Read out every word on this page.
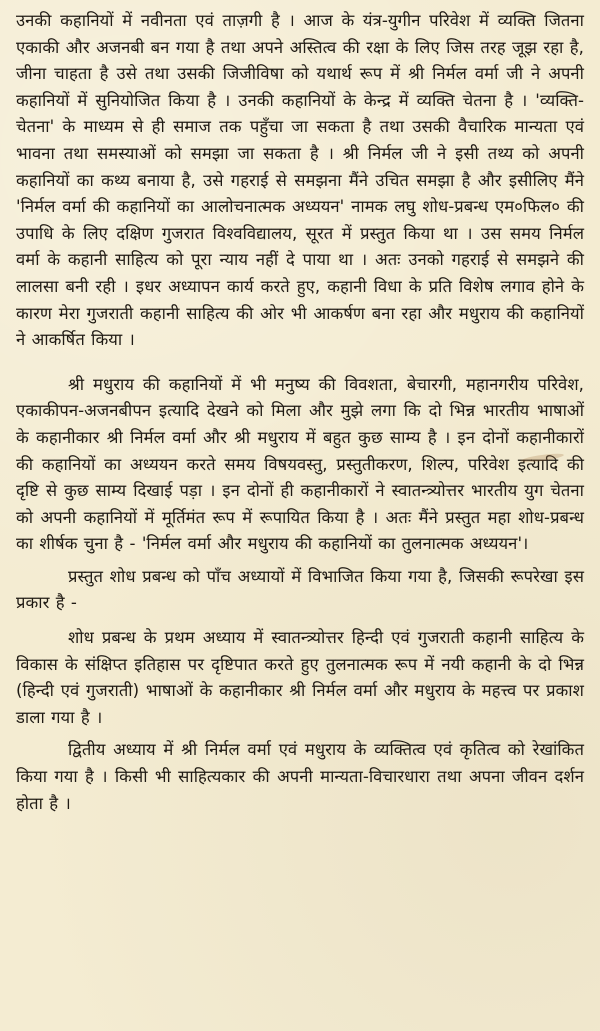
उनकी कहानियों में नवीनता एवं ताज़गी है । आज के यंत्र-युगीन परिवेश में व्यक्ति जितना एकाकी और अजनबी बन गया है तथा अपने अस्तित्व की रक्षा के लिए जिस तरह जूझ रहा है, जीना चाहता है उसे तथा उसकी जिजीविषा को यथार्थ रूप में श्री निर्मल वर्मा जी ने अपनी कहानियों में सुनियोजित किया है । उनकी कहानियों के केन्द्र में व्यक्ति चेतना है । 'व्यक्ति-चेतना' के माध्यम से ही समाज तक पहुँचा जा सकता है तथा उसकी वैचारिक मान्यता एवं भावना तथा समस्याओं को समझा जा सकता है । श्री निर्मल जी ने इसी तथ्य को अपनी कहानियों का कथ्य बनाया है, उसे गहराई से समझना मैंने उचित समझा है और इसीलिए मैंने 'निर्मल वर्मा की कहानियों का आलोचनात्मक अध्ययन' नामक लघु शोध-प्रबन्ध एम०फिल० की उपाधि के लिए दक्षिण गुजरात विश्वविद्यालय, सूरत में प्रस्तुत किया था । उस समय निर्मल वर्मा के कहानी साहित्य को पूरा न्याय नहीं दे पाया था । अतः उनको गहराई से समझने की लालसा बनी रही । इधर अध्यापन कार्य करते हुए, कहानी विधा के प्रति विशेष लगाव होने के कारण मेरा गुजराती कहानी साहित्य की ओर भी आकर्षण बना रहा और मधुराय की कहानियों ने आकर्षित किया ।

श्री मधुराय की कहानियों में भी मनुष्य की विवशता, बेचारगी, महानगरीय परिवेश, एकाकीपन-अजनबीपन इत्यादि देखने को मिला और मुझे लगा कि दो भिन्न भारतीय भाषाओं के कहानीकार श्री निर्मल वर्मा और श्री मधुराय में बहुत कुछ साम्य है । इन दोनों कहानीकारों की कहानियों का अध्ययन करते समय विषयवस्तु, प्रस्तुतीकरण, शिल्प, परिवेश इत्यादि की दृष्टि से कुछ साम्य दिखाई पड़ा । इन दोनों ही कहानीकारों ने स्वातन्त्र्योत्तर भारतीय युग चेतना को अपनी कहानियों में मूर्तिमंत रूप में रूपायित किया है । अतः मैंने प्रस्तुत महा शोध-प्रबन्ध का शीर्षक चुना है - 'निर्मल वर्मा और मधुराय की कहानियों का तुलनात्मक अध्ययन'।

प्रस्तुत शोध प्रबन्ध को पाँच अध्यायों में विभाजित किया गया है, जिसकी रूपरेखा इस प्रकार है -

शोध प्रबन्ध के प्रथम अध्याय में स्वातन्त्र्योत्तर हिन्दी एवं गुजराती कहानी साहित्य के विकास के संक्षिप्त इतिहास पर दृष्टिपात करते हुए तुलनात्मक रूप में नयी कहानी के दो भिन्न (हिन्दी एवं गुजराती) भाषाओं के कहानीकार श्री निर्मल वर्मा और मधुराय के महत्त्व पर प्रकाश डाला गया है ।

द्वितीय अध्याय में श्री निर्मल वर्मा एवं मधुराय के व्यक्तित्व एवं कृतित्व को रेखांकित किया गया है । किसी भी साहित्यकार की अपनी मान्यता-विचारधारा तथा अपना जीवन दर्शन होता है ।
